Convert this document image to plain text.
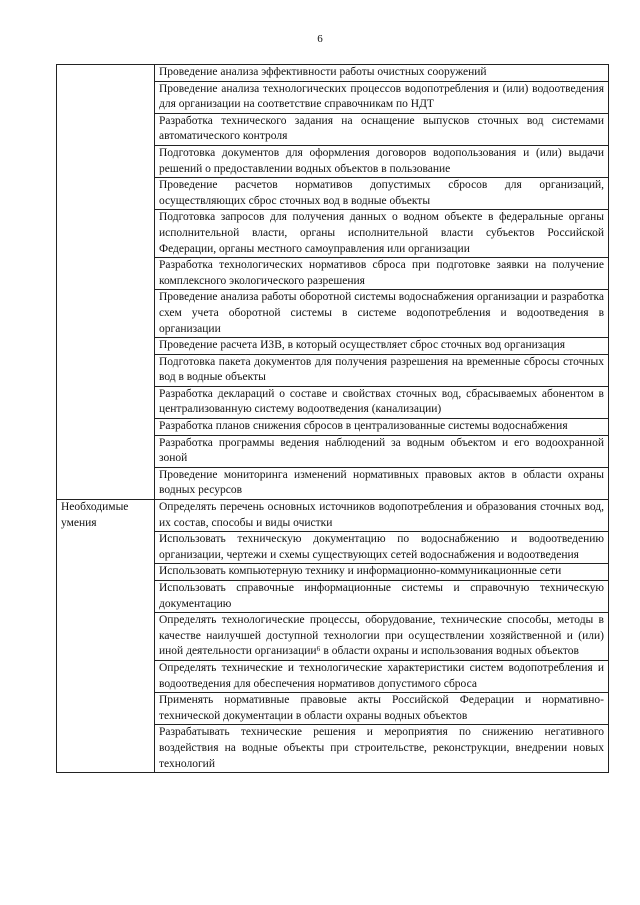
6
	Проведение анализа эффективности работы очистных сооружений
	Проведение анализа технологических процессов водопотребления и (или) водоотведения для организации на соответствие справочникам по НДТ
	Разработка технического задания на оснащение выпусков сточных вод системами автоматического контроля
	Подготовка документов для оформления договоров водопользования и (или) выдачи решений о предоставлении водных объектов в пользование
	Проведение расчетов нормативов допустимых сбросов для организаций, осуществляющих сброс сточных вод в водные объекты
	Подготовка запросов для получения данных о водном объекте в федеральные органы исполнительной власти, органы исполнительной власти субъектов Российской Федерации, органы местного самоуправления или организации
	Разработка технологических нормативов сброса при подготовке заявки на получение комплексного экологического разрешения
	Проведение анализа работы оборотной системы водоснабжения организации и разработка схем учета оборотной системы в системе водопотребления и водоотведения в организации
	Проведение расчета ИЗВ, в который осуществляет сброс сточных вод организация
	Подготовка пакета документов для получения разрешения на временные сбросы сточных вод в водные объекты
	Разработка деклараций о составе и свойствах сточных вод, сбрасываемых абонентом в централизованную систему водоотведения (канализации)
	Разработка планов снижения сбросов в централизованные системы водоснабжения
	Разработка программы ведения наблюдений за водным объектом и его водоохранной зоной
	Проведение мониторинга изменений нормативных правовых актов в области охраны водных ресурсов
Необходимые умения	Определять перечень основных источников водопотребления и образования сточных вод, их состав, способы и виды очистки
	Использовать техническую документацию по водоснабжению и водоотведению организации, чертежи и схемы существующих сетей водоснабжения и водоотведения
	Использовать компьютерную технику и информационно-коммуникационные сети
	Использовать справочные информационные системы и справочную техническую документацию
	Определять технологические процессы, оборудование, технические способы, методы в качестве наилучшей доступной технологии при осуществлении хозяйственной и (или) иной деятельности организации⁶ в области охраны и использования водных объектов
	Определять технические и технологические характеристики систем водопотребления и водоотведения для обеспечения нормативов допустимого сброса
	Применять нормативные правовые акты Российской Федерации и нормативно-технической документации в области охраны водных объектов
	Разрабатывать технические решения и мероприятия по снижению негативного воздействия на водные объекты при строительстве, реконструкции, внедрении новых технологий
